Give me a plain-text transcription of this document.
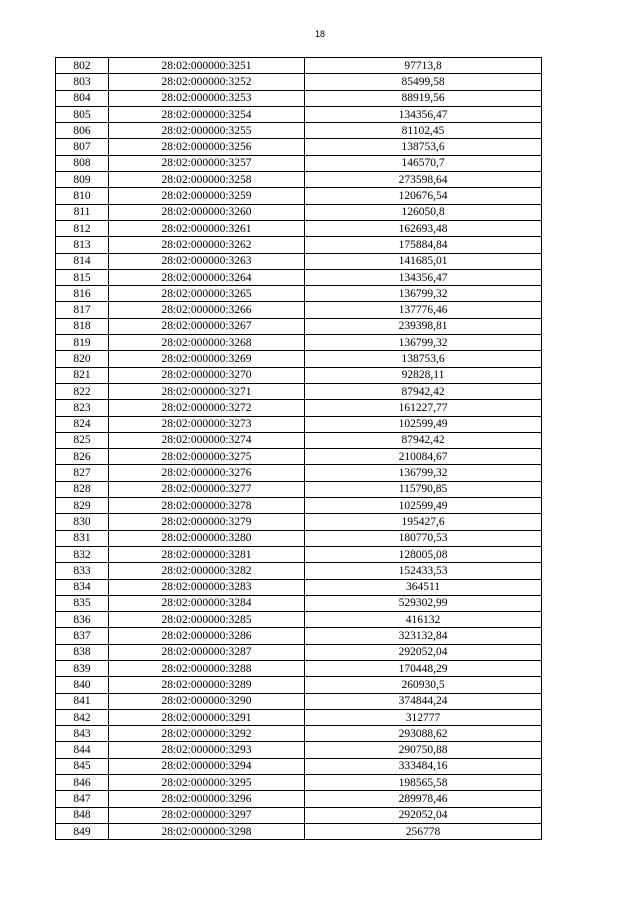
18
802	28:02:000000:3251	97713,8
803	28:02:000000:3252	85499,58
804	28:02:000000:3253	88919,56
805	28:02:000000:3254	134356,47
806	28:02:000000:3255	81102,45
807	28:02:000000:3256	138753,6
808	28:02:000000:3257	146570,7
809	28:02:000000:3258	273598,64
810	28:02:000000:3259	120676,54
811	28:02:000000:3260	126050,8
812	28:02:000000:3261	162693,48
813	28:02:000000:3262	175884,84
814	28:02:000000:3263	141685,01
815	28:02:000000:3264	134356,47
816	28:02:000000:3265	136799,32
817	28:02:000000:3266	137776,46
818	28:02:000000:3267	239398,81
819	28:02:000000:3268	136799,32
820	28:02:000000:3269	138753,6
821	28:02:000000:3270	92828,11
822	28:02:000000:3271	87942,42
823	28:02:000000:3272	161227,77
824	28:02:000000:3273	102599,49
825	28:02:000000:3274	87942,42
826	28:02:000000:3275	210084,67
827	28:02:000000:3276	136799,32
828	28:02:000000:3277	115790,85
829	28:02:000000:3278	102599,49
830	28:02:000000:3279	195427,6
831	28:02:000000:3280	180770,53
832	28:02:000000:3281	128005,08
833	28:02:000000:3282	152433,53
834	28:02:000000:3283	364511
835	28:02:000000:3284	529302,99
836	28:02:000000:3285	416132
837	28:02:000000:3286	323132,84
838	28:02:000000:3287	292052,04
839	28:02:000000:3288	170448,29
840	28:02:000000:3289	260930,5
841	28:02:000000:3290	374844,24
842	28:02:000000:3291	312777
843	28:02:000000:3292	293088,62
844	28:02:000000:3293	290750,88
845	28:02:000000:3294	333484,16
846	28:02:000000:3295	198565,58
847	28:02:000000:3296	289978,46
848	28:02:000000:3297	292052,04
849	28:02:000000:3298	256778
